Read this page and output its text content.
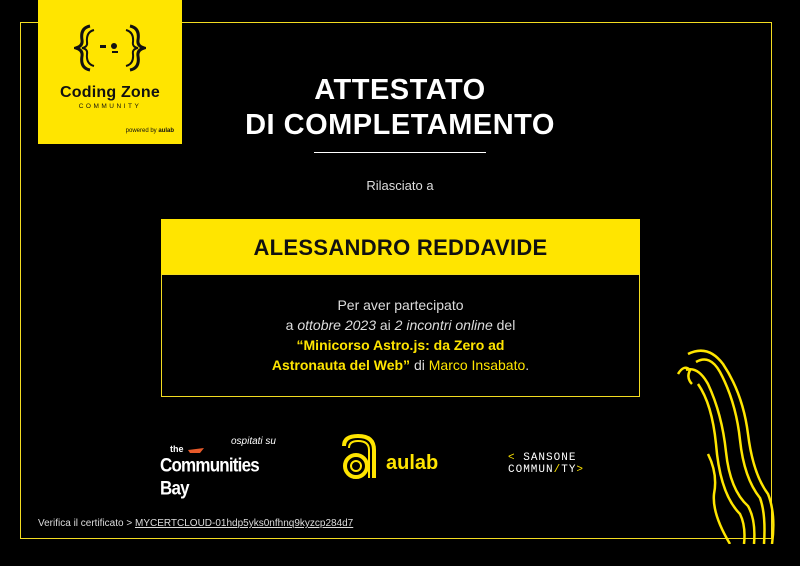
Coding Zone
COMMUNITY
powered by aulab
ATTESTATO
DI COMPLETAMENTO
Rilasciato a
ALESSANDRO REDDAVIDE
Per aver partecipato
a ottobre 2023 ai 2 incontri online del
“Minicorso Astro.js: da Zero ad
Astronauta del Web” di Marco Insabato.
ospitati su
the
Communities Bay
aulab	< SANSONE
COMMUN/TY>
Verifica il certificato > MYCERTCLOUD-01hdp5yks0nfhnq9kyzcp284d7
